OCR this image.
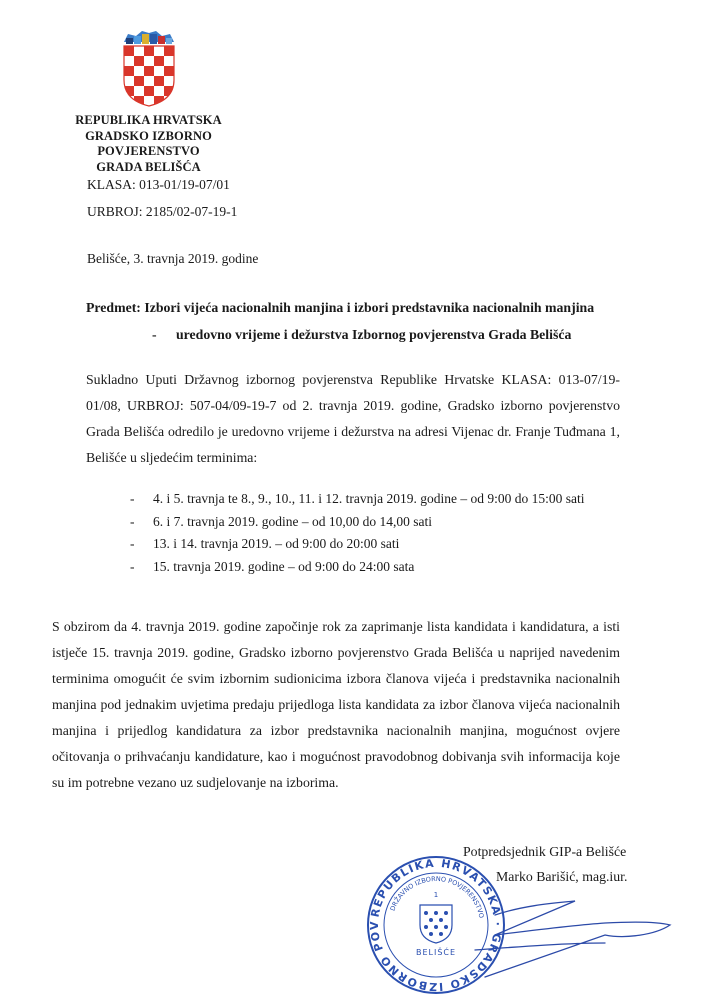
REPUBLIKA HRVATSKA
GRADSKO IZBORNO POVJERENSTVO
GRADA BELIŠĆA
KLASA: 013-01/19-07/01
URBROJ: 2185/02-07-19-1
Belišće, 3. travnja 2019. godine
Predmet: Izbori vijeća nacionalnih manjina i izbori predstavnika nacionalnih manjina
- uredovno vrijeme i dežurstva Izbornog povjerenstva Grada Belišća
Sukladno Uputi Državnog izbornog povjerenstva Republike Hrvatske KLASA: 013-07/19-01/08, URBROJ: 507-04/09-19-7 od 2. travnja 2019. godine, Gradsko izborno povjerenstvo Grada Belišća odredilo je uredovno vrijeme i dežurstva na adresi Vijenac dr. Franje Tuđmana 1, Belišće u sljedećim terminima:
- 4. i 5. travnja te 8., 9., 10., 11. i 12. travnja 2019. godine – od 9:00 do 15:00 sati
- 6. i 7. travnja 2019. godine – od 10,00 do 14,00 sati
- 13. i 14. travnja 2019. – od 9:00 do 20:00 sati
- 15. travnja 2019. godine – od 9:00 do 24:00 sata
S obzirom da 4. travnja 2019. godine započinje rok za zaprimanje lista kandidata i kandidatura, a isti istječe 15. travnja 2019. godine, Gradsko izborno povjerenstvo Grada Belišća u naprijed navedenim terminima omogućit će svim izbornim sudionicima izbora članova vijeća i predstavnika nacionalnih manjina pod jednakim uvjetima predaju prijedloga lista kandidata za izbor članova vijeća nacionalnih manjina i prijedlog kandidatura za izbor predstavnika nacionalnih manjina, mogućnost ovjere očitovanja o prihvaćanju kandidature, kao i mogućnost pravodobnog dobivanja svih informacija koje su im potrebne vezano uz sudjelovanje na izborima.
Potpredsjednik GIP-a Belišće
Marko Barišić, mag.iur.
REPUBLIKA HRVATSKA · GRADSKO IZBORNO POV
DRŽAVNO IZBORNO POVJERENSTVO
1
BELIŠĆE
